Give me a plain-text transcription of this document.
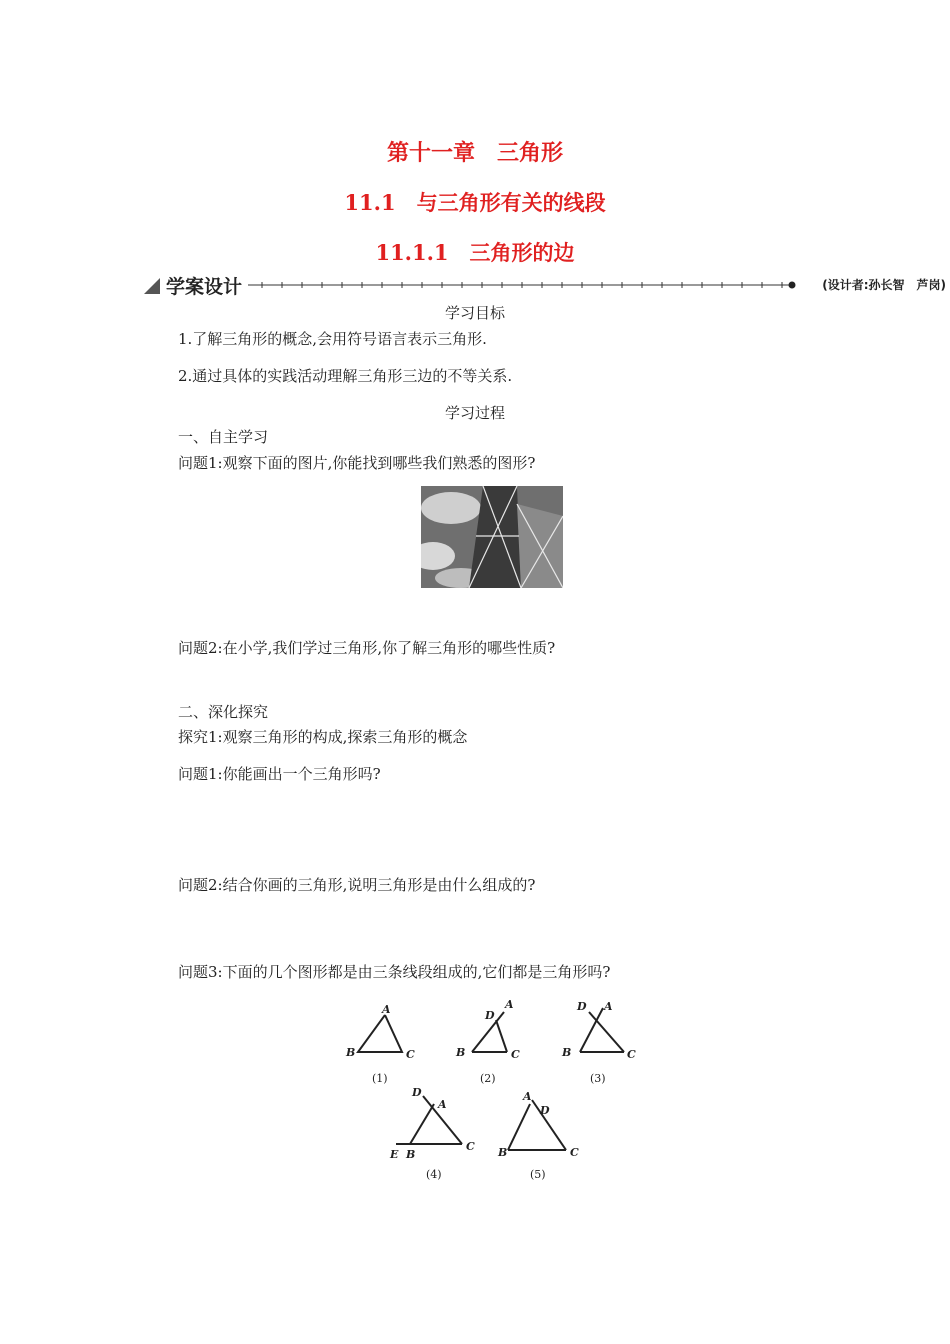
第十一章　三角形
11.1　与三角形有关的线段
11.1.1　三角形的边
学案设计	(设计者:孙长智　芦岗)
学习目标
1.了解三角形的概念,会用符号语言表示三角形.
2.通过具体的实践活动理解三角形三边的不等关系.
学习过程
一、自主学习
问题1:观察下面的图片,你能找到哪些我们熟悉的图形?
问题2:在小学,我们学过三角形,你了解三角形的哪些性质?
二、深化探究
探究1:观察三角形的构成,探索三角形的概念
问题1:你能画出一个三角形吗?
问题2:结合你画的三角形,说明三角形是由什么组成的?
问题3:下面的几个图形都是由三条线段组成的,它们都是三角形吗?
A
B	C
(1)
A
D
B	C
(2)
D A
B	C
(3)
D
A
E B
C
(4)
A
D
B	C
(5)
